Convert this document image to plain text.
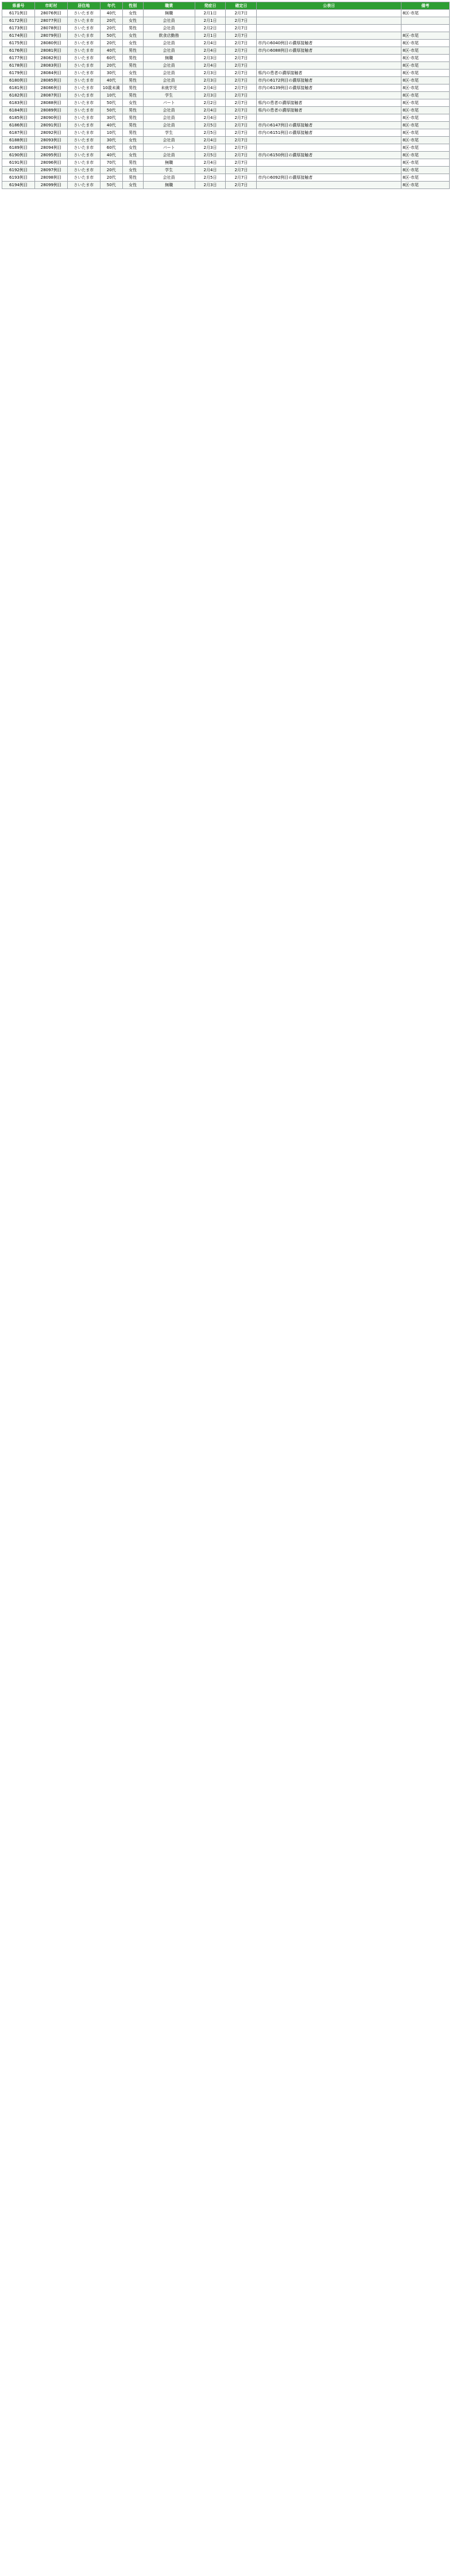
県番号	市町村	居住地	年代	性別	職業	発症日	確定日	公表日	備考
6171例目	28076例目	さいたま市	40代	女性	無職	2月1日	2月7日		8区-市尾
6172例目	28077例目	さいたま市	20代	女性	会社員	2月1日	2月7日		
6173例目	28078例目	さいたま市	20代	男性	会社員	2月2日	2月7日		
6174例目	28079例目	さいたま市	50代	女性	飲食店勤務	2月1日	2月7日		8区-市尾
6175例目	28080例目	さいたま市	20代	女性	会社員	2月4日	2月7日	市内の6040例目の濃厚接触者	8区-市尾
6176例目	28081例目	さいたま市	40代	男性	会社員	2月4日	2月7日	市内の6088例目の濃厚接触者	8区-市尾
6177例目	28082例目	さいたま市	60代	男性	無職	2月3日	2月7日		8区-市尾
6178例目	28083例目	さいたま市	20代	男性	会社員	2月4日	2月7日		8区-市尾
6179例目	28084例目	さいたま市	30代	女性	会社員	2月3日	2月7日	県内の患者の濃厚接触者	8区-市尾
6180例目	28085例目	さいたま市	40代	男性	会社員	2月3日	2月7日	市内の6172例目の濃厚接触者	8区-市尾
6181例目	28086例目	さいたま市	10歳未満	男性	未就学児	2月4日	2月7日	市内の6139例目の濃厚接触者	8区-市尾
6182例目	28087例目	さいたま市	10代	男性	学生	2月3日	2月7日		8区-市尾
6183例目	28088例目	さいたま市	50代	女性	パート	2月2日	2月7日	県内の患者の濃厚接触者	8区-市尾
6184例目	28089例目	さいたま市	50代	男性	会社員	2月4日	2月7日	県内の患者の濃厚接触者	8区-市尾
6185例目	28090例目	さいたま市	30代	男性	会社員	2月4日	2月7日		8区-市尾
6186例目	28091例目	さいたま市	40代	男性	会社員	2月5日	2月7日	市内の6147例目の濃厚接触者	8区-市尾
6187例目	28092例目	さいたま市	10代	男性	学生	2月5日	2月7日	市内の6151例目の濃厚接触者	8区-市尾
6188例目	28093例目	さいたま市	30代	女性	会社員	2月4日	2月7日		8区-市尾
6189例目	28094例目	さいたま市	60代	女性	パート	2月3日	2月7日		8区-市尾
6190例目	28095例目	さいたま市	40代	女性	会社員	2月5日	2月7日	市内の6150例目の濃厚接触者	8区-市尾
6191例目	28096例目	さいたま市	70代	男性	無職	2月4日	2月7日		8区-市尾
6192例目	28097例目	さいたま市	20代	女性	学生	2月4日	2月7日		8区-市尾
6193例目	28098例目	さいたま市	20代	男性	会社員	2月5日	2月7日	市内の6092例目の濃厚接触者	8区-市尾
6194例目	28099例目	さいたま市	50代	女性	無職	2月3日	2月7日		8区-市尾
